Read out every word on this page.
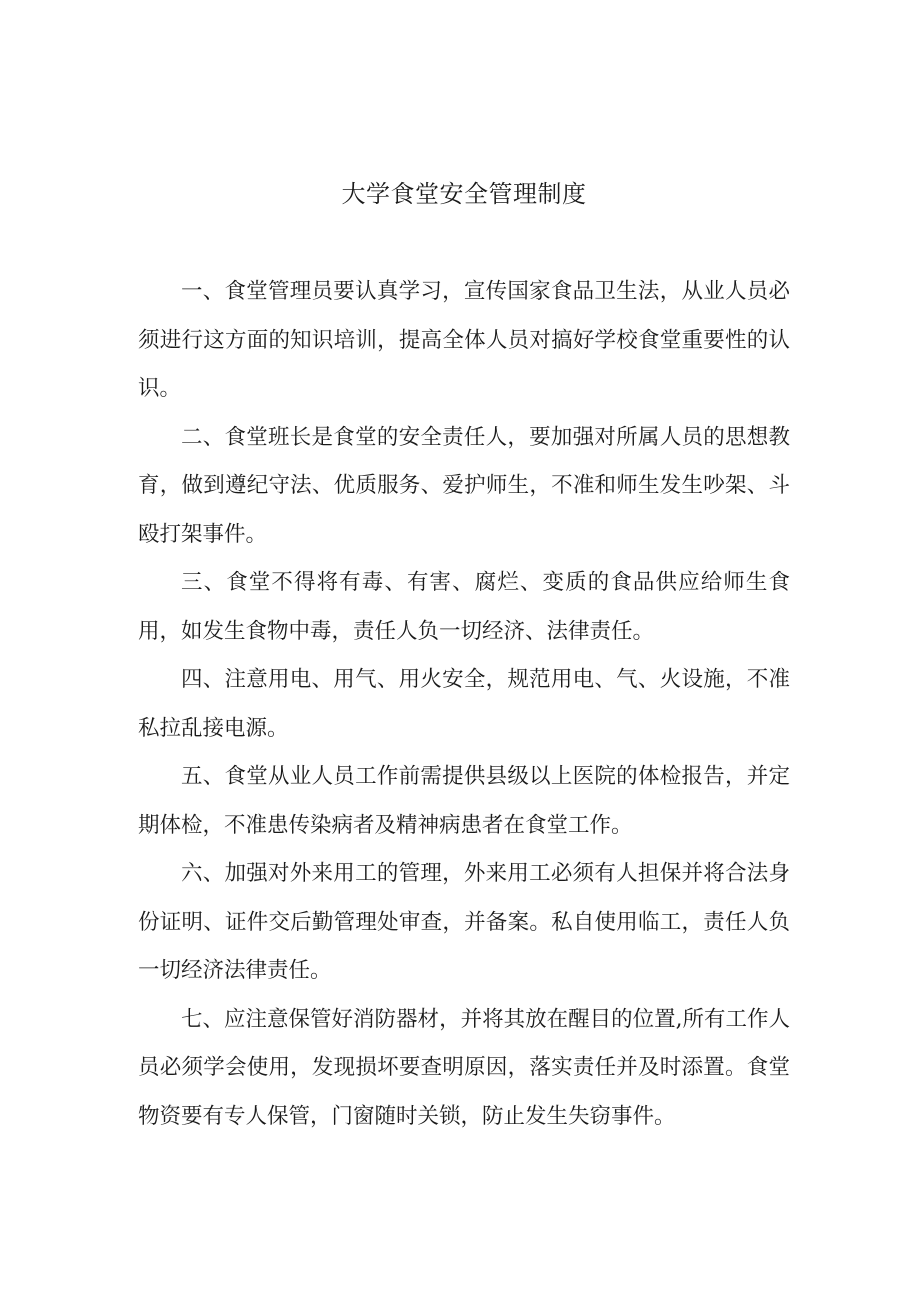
大学食堂安全管理制度

一、食堂管理员要认真学习，宣传国家食品卫生法，从业人员必须进行这方面的知识培训，提高全体人员对搞好学校食堂重要性的认识。

二、食堂班长是食堂的安全责任人，要加强对所属人员的思想教育，做到遵纪守法、优质服务、爱护师生，不准和师生发生吵架、斗殴打架事件。

三、食堂不得将有毒、有害、腐烂、变质的食品供应给师生食用，如发生食物中毒，责任人负一切经济、法律责任。

四、注意用电、用气、用火安全，规范用电、气、火设施，不准私拉乱接电源。

五、食堂从业人员工作前需提供县级以上医院的体检报告，并定期体检，不准患传染病者及精神病患者在食堂工作。

六、加强对外来用工的管理，外来用工必须有人担保并将合法身份证明、证件交后勤管理处审查，并备案。私自使用临工，责任人负一切经济法律责任。

七、应注意保管好消防器材，并将其放在醒目的位置,所有工作人员必须学会使用，发现损坏要查明原因，落实责任并及时添置。食堂物资要有专人保管，门窗随时关锁，防止发生失窃事件。
